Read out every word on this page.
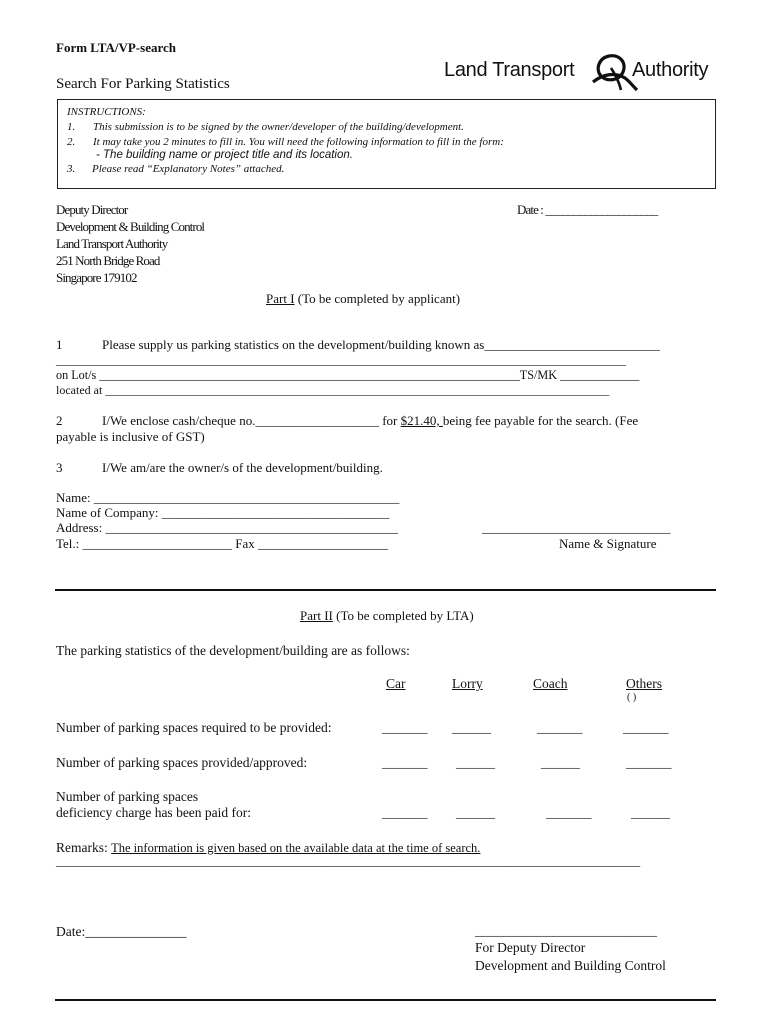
Form LTA/VP-search
Search For Parking Statistics
Land Transport	Authority
INSTRUCTIONS:
1. This submission is to be signed by the owner/developer of the building/development.
2. It may take you 2 minutes to fill in. You will need the following information to fill in the form:
- The building name or project title and its location.
3. Please read “Explanatory Notes” attached.
Deputy Director
Development & Building Control
Land Transport Authority
251 North Bridge Road
Singapore 179102
Date : ____________________
Part I (To be completed by applicant)
1	Please supply us parking statistics on the development/building known as___________________________
_______________________________________________________________________________________________
on Lot/s _____________________________________________________________________TS/MK _____________
located at ____________________________________________________________________________________
2	I/We enclose cash/cheque no.___________________ for $21.40, being fee payable for the search. (Fee
payable is inclusive of GST)
3	I/We am/are the owner/s of the development/building.
Name: _______________________________________________
Name of Company: ___________________________________
Address: _____________________________________________
Tel.: _______________________ Fax ____________________
_____________________________
Name & Signature
Part II (To be completed by LTA)
The parking statistics of the development/building are as follows:
Car	Lorry	Coach	Others
( )
Number of parking spaces required to be provided:	_______ ______	_______	_______
Number of parking spaces provided/approved:	_______ ______	______	_______
Number of parking spaces
deficiency charge has been paid for:	_______ ______	_______	______
Remarks: The information is given based on the available data at the time of search.
_______________________________________________________________________________________________
Date:_______________	____________________________
For Deputy Director
Development and Building Control
